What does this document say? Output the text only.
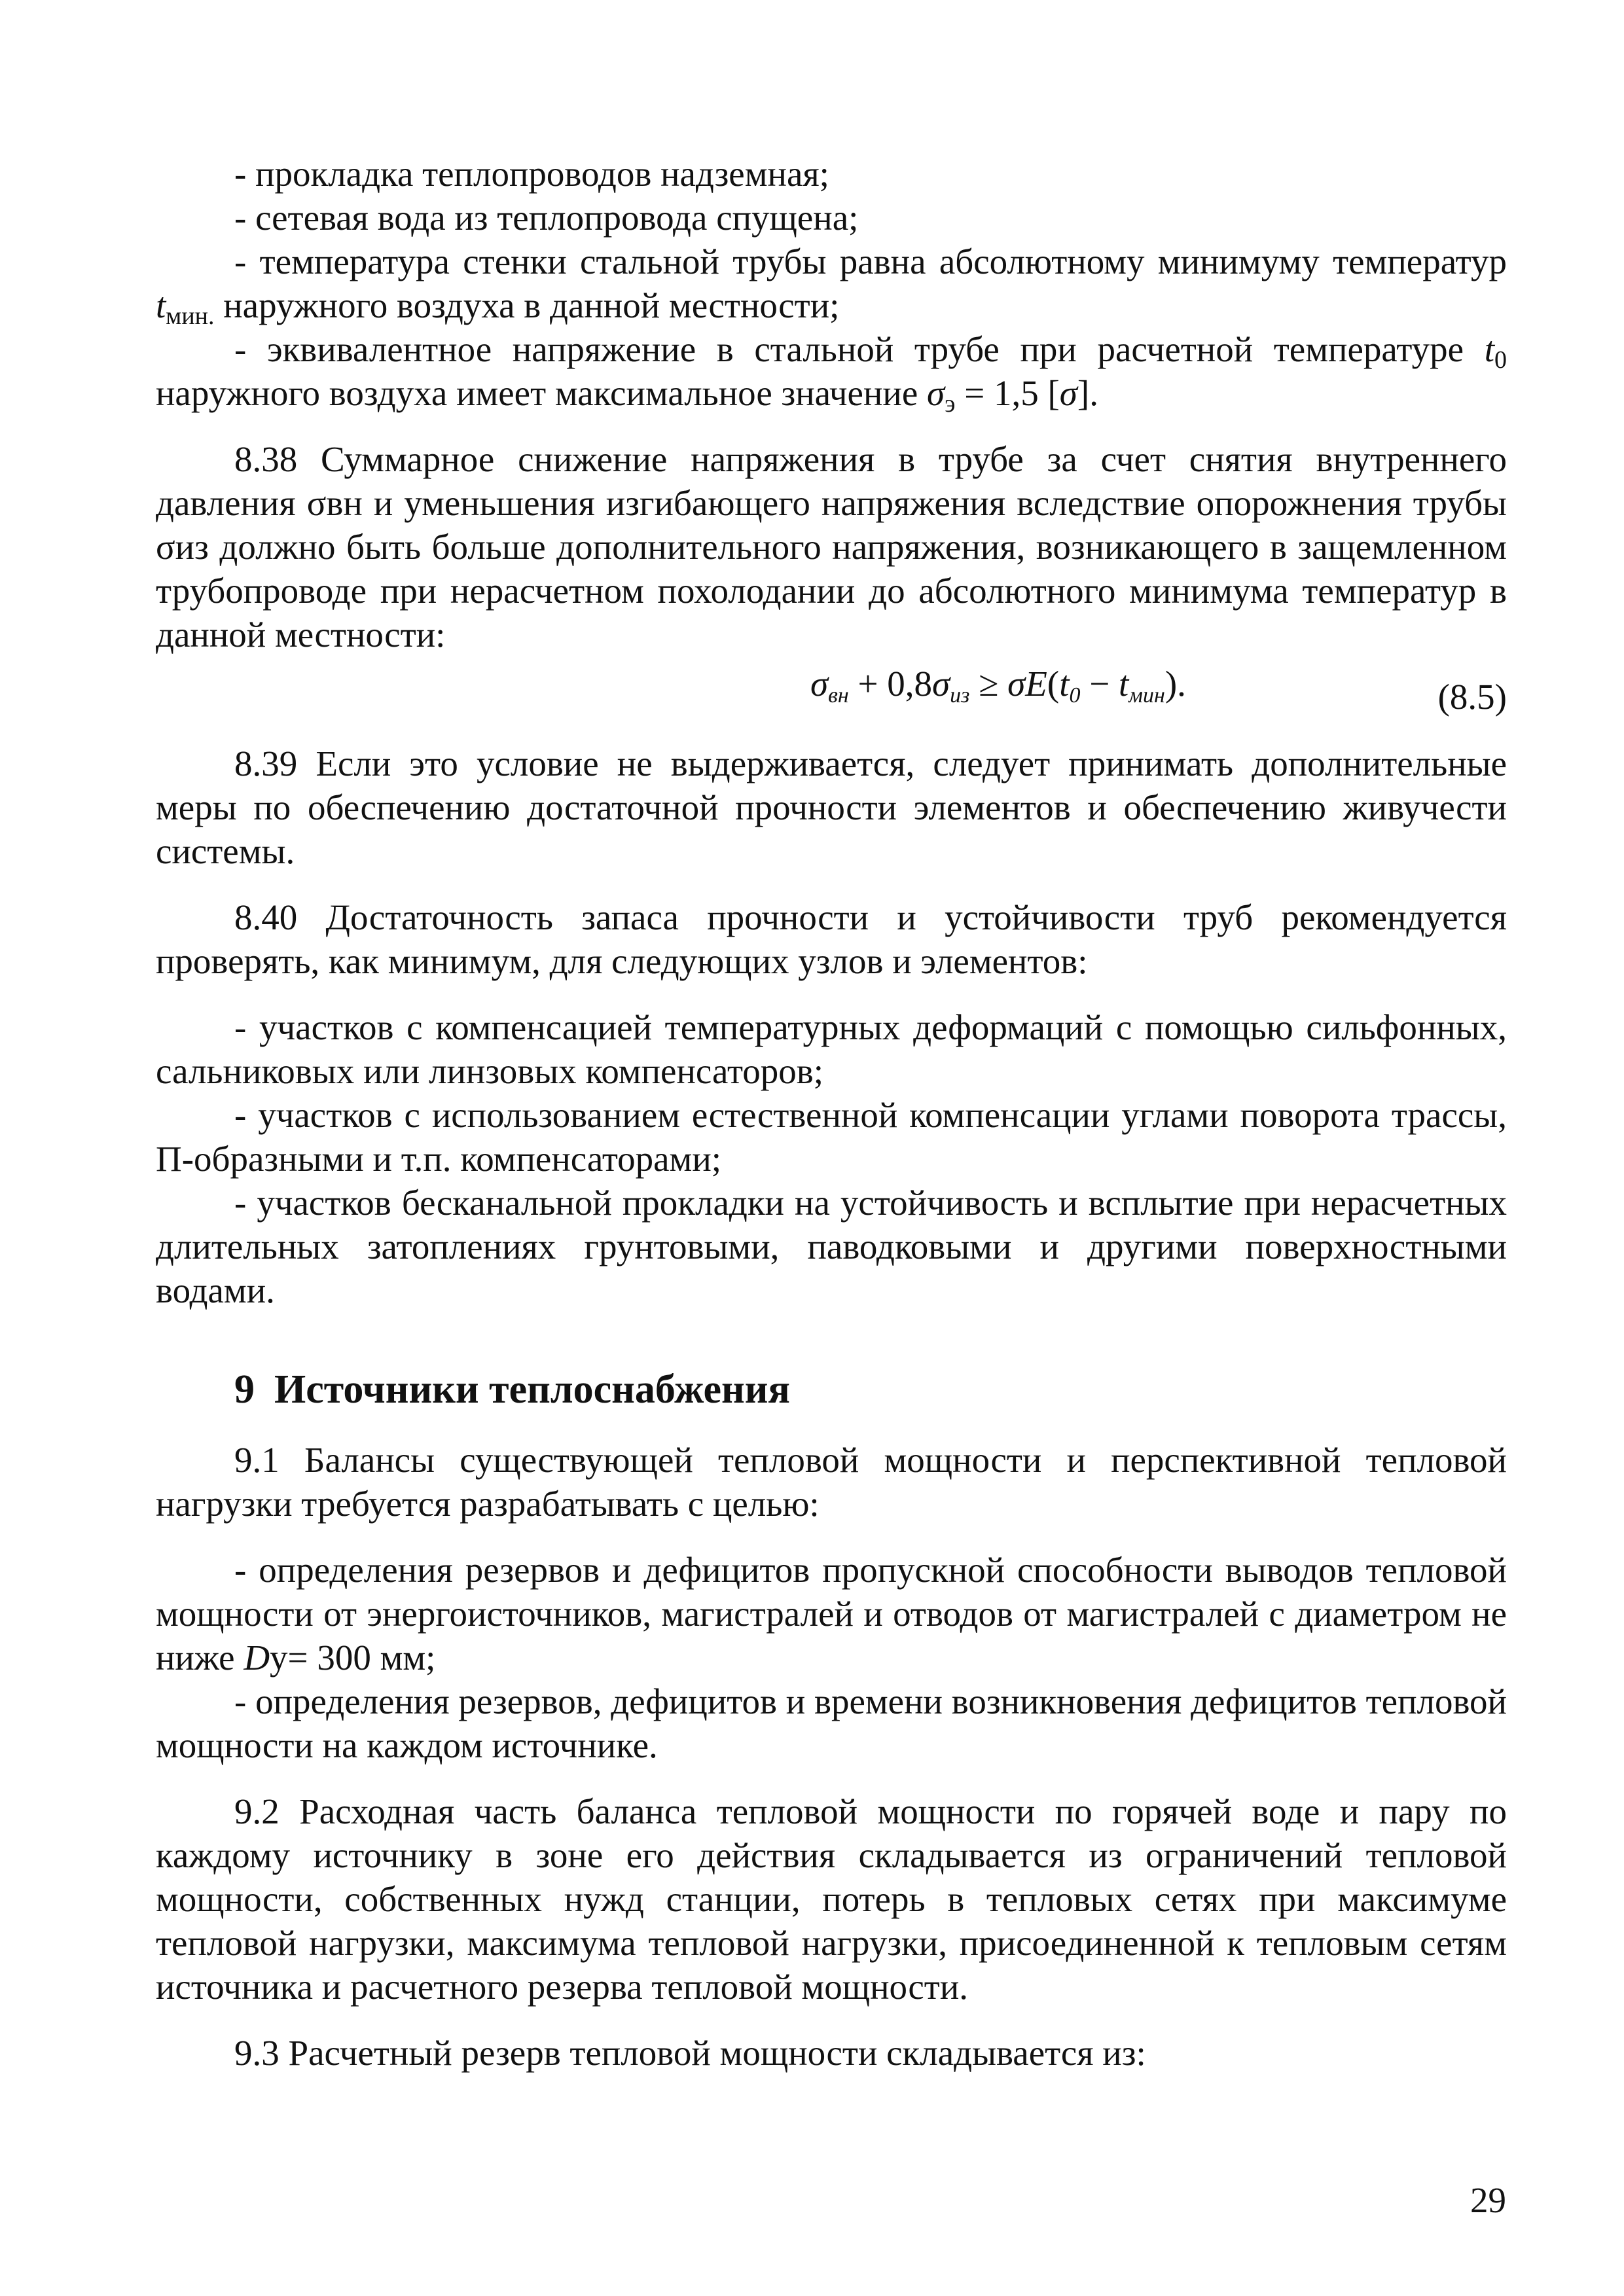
- прокладка теплопроводов надземная;

- сетевая вода из теплопровода спущена;

- температура стенки стальной трубы равна абсолютному минимуму температур $t_{мин.}$ наружного воздуха в данной местности;

- эквивалентное напряжение в стальной трубе при расчетной температуре $t_0$ наружного воздуха имеет максимальное значение $\sigma_э = 1,5$ [σ].

8.38 Суммарное снижение напряжения в трубе за счет снятия внутреннего давления σвн и уменьшения изгибающего напряжения вследствие опорожнения трубы σиз должно быть больше дополнительного напряжения, возникающего в защемленном трубопроводе при нерасчетном похолодании до абсолютного минимума температур в данной местности:

$\sigma_{вн} + 0,8\sigma_{из} \ge \sigma E(t_0 - t_{мин})$.	(8.5)

8.39 Если это условие не выдерживается, следует принимать дополнительные меры по обеспечению достаточной прочности элементов и обеспечению живучести системы.

8.40 Достаточность запаса прочности и устойчивости труб рекомендуется проверять, как минимум, для следующих узлов и элементов:

- участков с компенсацией температурных деформаций с помощью сильфонных, сальниковых или линзовых компенсаторов;

- участков с использованием естественной компенсации углами поворота трассы, П-образными и т.п. компенсаторами;

- участков бесканальной прокладки на устойчивость и всплытие при нерасчетных длительных затоплениях грунтовыми, паводковыми и другими поверхностными водами.

9 Источники теплоснабжения

9.1 Балансы существующей тепловой мощности и перспективной тепловой нагрузки требуется разрабатывать с целью:

- определения резервов и дефицитов пропускной способности выводов тепловой мощности от энергоисточников, магистралей и отводов от магистралей с диаметром не ниже Dу= 300 мм;

- определения резервов, дефицитов и времени возникновения дефицитов тепловой мощности на каждом источнике.

9.2 Расходная часть баланса тепловой мощности по горячей воде и пару по каждому источнику в зоне его действия складывается из ограничений тепловой мощности, собственных нужд станции, потерь в тепловых сетях при максимуме тепловой нагрузки, максимума тепловой нагрузки, присоединенной к тепловым сетям источника и расчетного резерва тепловой мощности.

9.3 Расчетный резерв тепловой мощности складывается из:

29
